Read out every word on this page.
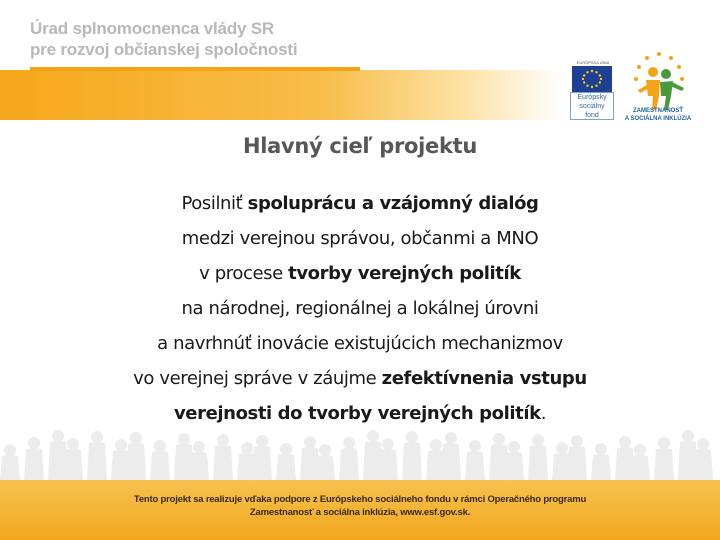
Úrad splnomocnenca vlády SR
pre rozvoj občianskej spoločnosti
EURÓPSKA ÚNIA
Európsky
sociálny
fond
ZAMESTNANOSŤ
A SOCIÁLNA INKLÚZIA
Hlavný cieľ projektu
Posilniť spoluprácu a vzájomný dialóg
medzi verejnou správou, občanmi a MNO
v procese tvorby verejných politík
na národnej, regionálnej a lokálnej úrovni
a navrhnúť inovácie existujúcich mechanizmov
vo verejnej správe v záujme zefektívnenia vstupu
verejnosti do tvorby verejných politík.
Tento projekt sa realizuje vďaka podpore z Európskeho sociálneho fondu v rámci Operačného programu
Zamestnanosť a sociálna inklúzia, www.esf.gov.sk.
